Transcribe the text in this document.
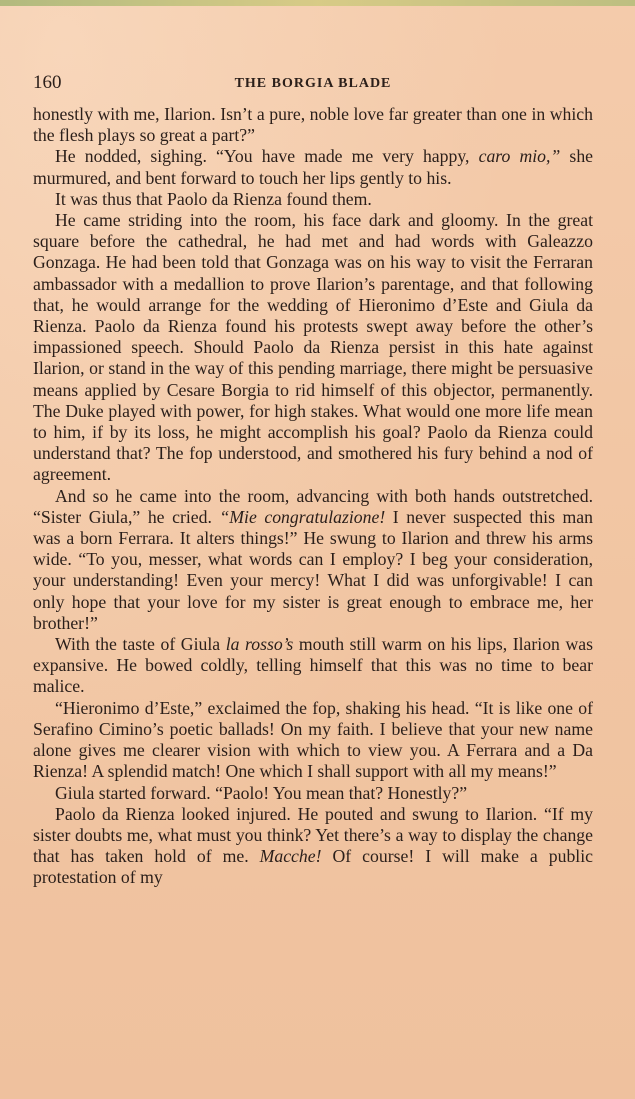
160	THE BORGIA BLADE

honestly with me, Ilarion. Isn’t a pure, noble love far greater than one in which the flesh plays so great a part?”

He nodded, sighing. “You have made me very happy, caro mio,” she murmured, and bent forward to touch her lips gently to his.

It was thus that Paolo da Rienza found them.

He came striding into the room, his face dark and gloomy. In the great square before the cathedral, he had met and had words with Galeazzo Gonzaga. He had been told that Gonzaga was on his way to visit the Ferraran ambassador with a medallion to prove Ilarion’s parentage, and that following that, he would arrange for the wedding of Hieronimo d’Este and Giula da Rienza. Paolo da Rienza found his protests swept away before the other’s impassioned speech. Should Paolo da Rienza persist in this hate against Ilarion, or stand in the way of this pending marriage, there might be persuasive means applied by Cesare Borgia to rid himself of this objector, permanently. The Duke played with power, for high stakes. What would one more life mean to him, if by its loss, he might accomplish his goal? Paolo da Rienza could understand that? The fop understood, and smothered his fury behind a nod of agreement.

And so he came into the room, advancing with both hands outstretched. “Sister Giula,” he cried. “Mie congratulazione! I never suspected this man was a born Ferrara. It alters things!” He swung to Ilarion and threw his arms wide. “To you, messer, what words can I employ? I beg your consideration, your understanding! Even your mercy! What I did was unforgivable! I can only hope that your love for my sister is great enough to embrace me, her brother!”

With the taste of Giula la rosso’s mouth still warm on his lips, Ilarion was expansive. He bowed coldly, telling himself that this was no time to bear malice.

“Hieronimo d’Este,” exclaimed the fop, shaking his head. “It is like one of Serafino Cimino’s poetic ballads! On my faith. I believe that your new name alone gives me clearer vision with which to view you. A Ferrara and a Da Rienza! A splendid match! One which I shall support with all my means!”

Giula started forward. “Paolo! You mean that? Honestly?”

Paolo da Rienza looked injured. He pouted and swung to Ilarion. “If my sister doubts me, what must you think? Yet there’s a way to display the change that has taken hold of me. Macche! Of course! I will make a public protestation of my
